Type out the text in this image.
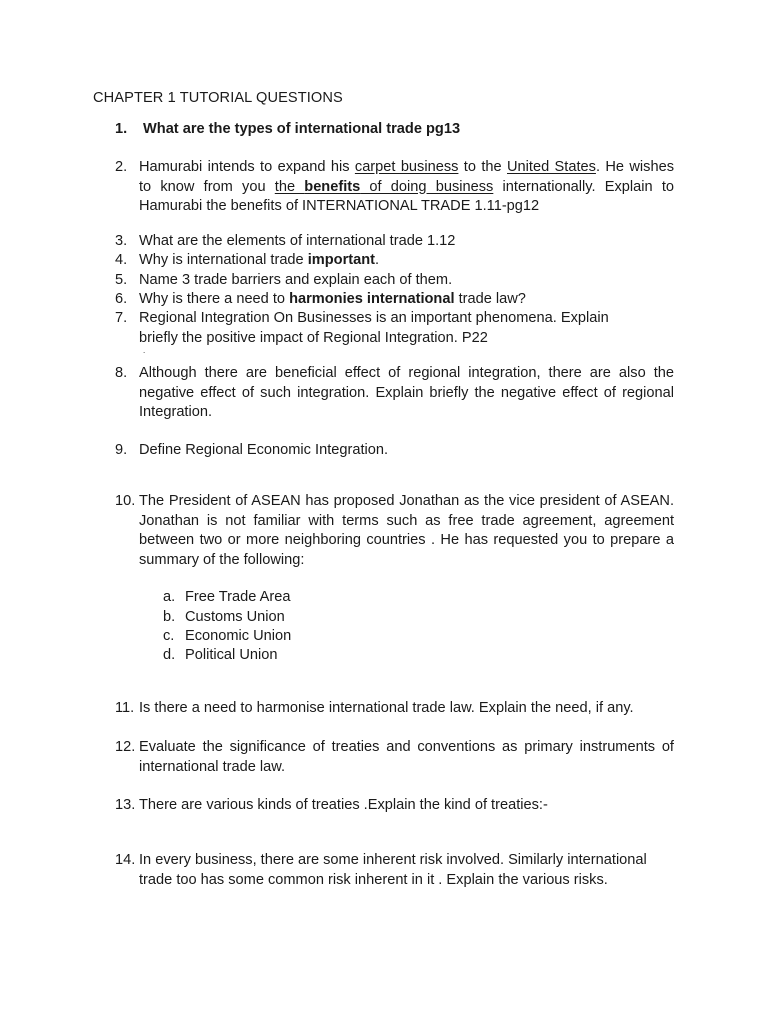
CHAPTER 1 TUTORIAL QUESTIONS
1.	What are the types of international trade pg13
2. Hamurabi intends to expand his carpet business to the United States. He wishes to know from you the benefits of doing business internationally. Explain to Hamurabi the benefits of INTERNATIONAL TRADE 1.11-pg12
3. What are the elements of international trade 1.12
4. Why is international trade important.
5. Name 3 trade barriers and explain each of them.
6. Why is there a need to harmonies international trade law?
7. Regional Integration On Businesses is an important phenomena. Explain
briefly the positive impact of Regional Integration. P22
.
8. Although there are beneficial effect of regional integration, there are also the negative effect of such integration. Explain briefly the negative effect of regional Integration.
9. Define Regional Economic Integration.
10. The President of ASEAN has proposed Jonathan as the vice president of ASEAN. Jonathan is not familiar with terms such as free trade agreement, agreement between two or more neighboring countries . He has requested you to prepare a summary of the following:
a. Free Trade Area
b. Customs Union
c. Economic Union
d. Political Union
11. Is there a need to harmonise international trade law. Explain the need, if any.
12. Evaluate the significance of treaties and conventions as primary instruments of international trade law.
13. There are various kinds of treaties .Explain the kind of treaties:-
14. In every business, there are some inherent risk involved. Similarly international trade too has some common risk inherent in it . Explain the various risks.
